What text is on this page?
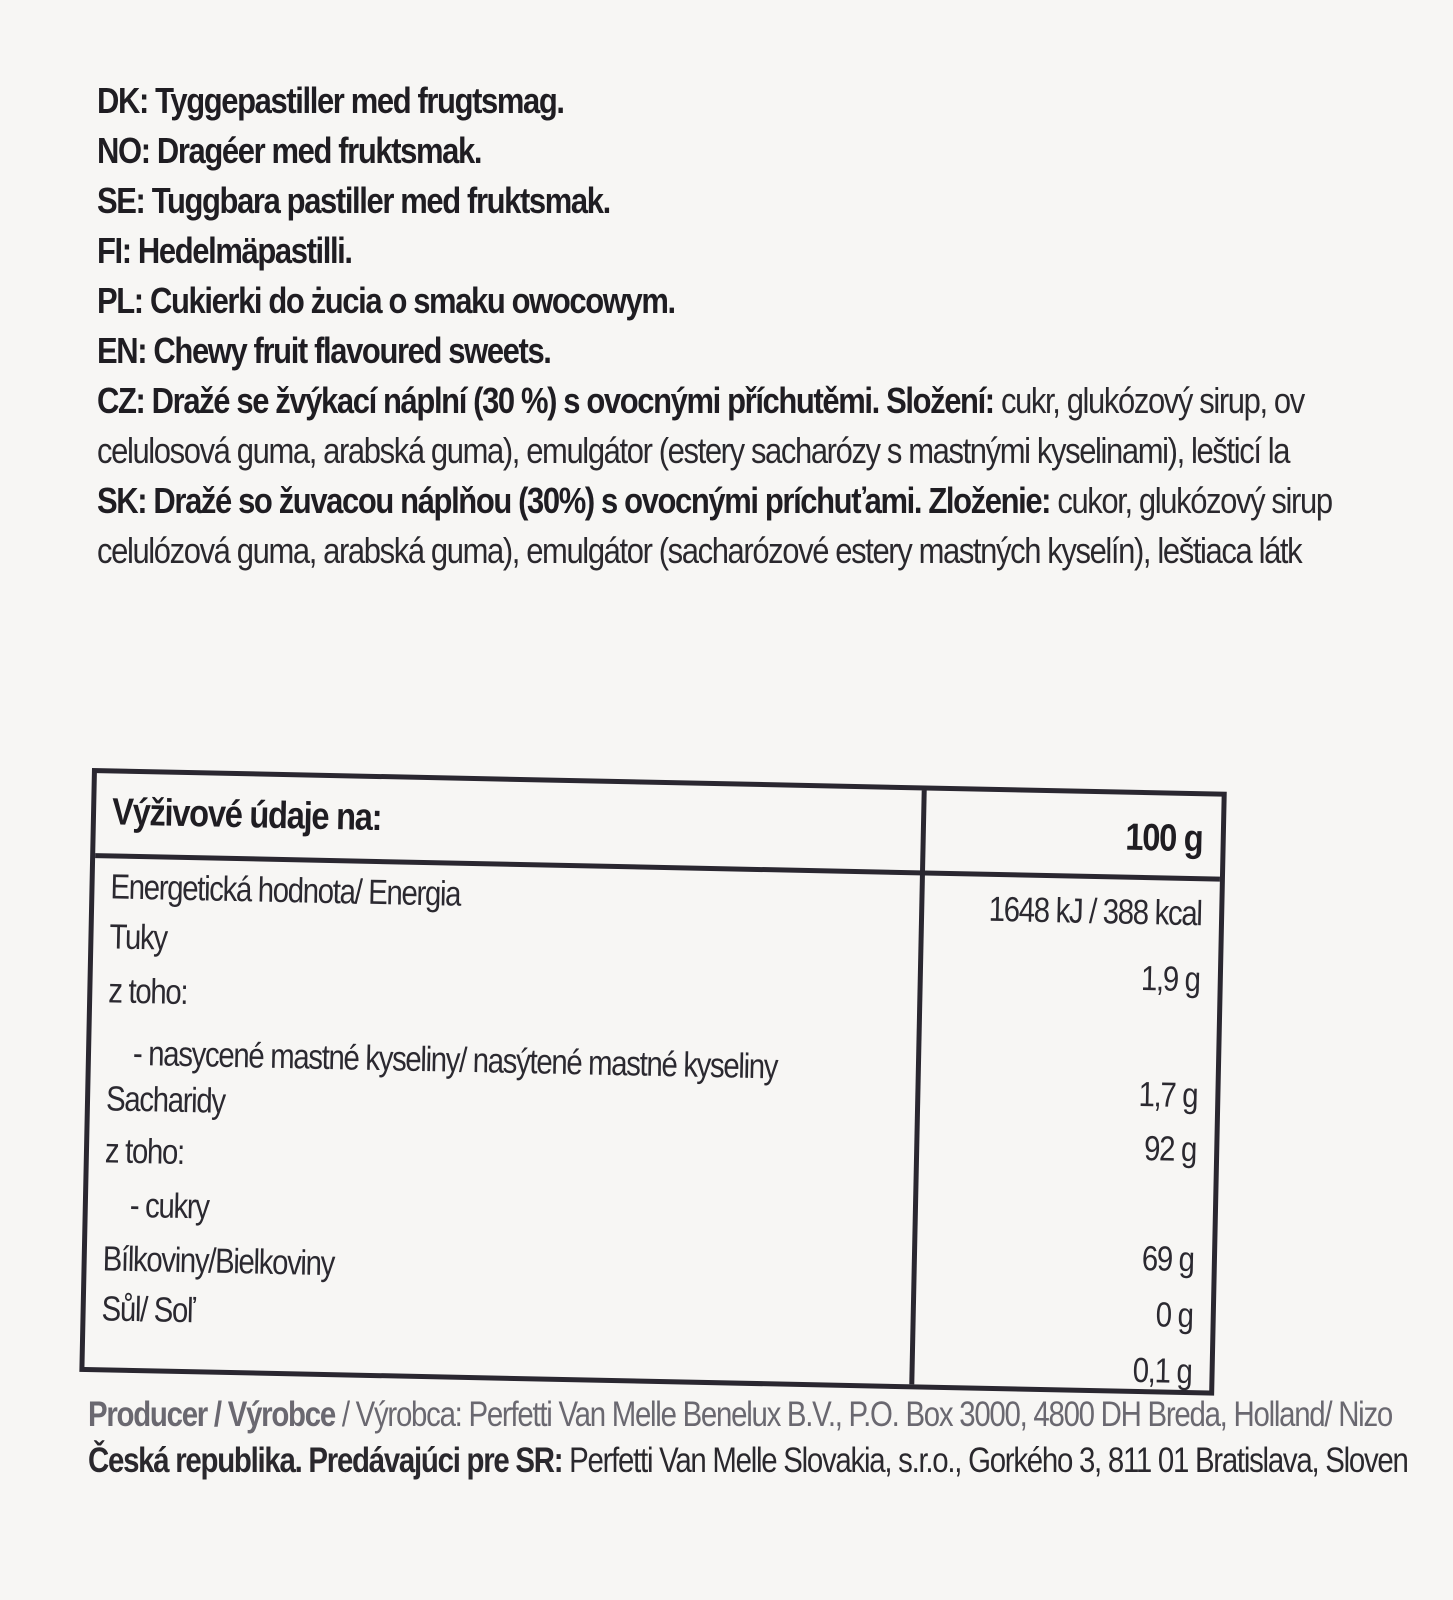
DK: Tyggepastiller med frugtsmag.
NO: Dragéer med fruktsmak.
SE: Tuggbara pastiller med fruktsmak.
FI: Hedelmäpastilli.
PL: Cukierki do żucia o smaku owocowym.
EN: Chewy fruit flavoured sweets.
CZ: Dražé se žvýkací náplní (30 %) s ovocnými příchutěmi. Složení: cukr, glukózový sirup, ov
celulosová guma, arabská guma), emulgátor (estery sacharózy s mastnými kyselinami), lešticí la
SK: Dražé so žuvacou náplňou (30%) s ovocnými príchuťami. Zloženie: cukor, glukózový sirup
celulózová guma, arabská guma), emulgátor (sacharózové estery mastných kyselín), leštiaca látk
Výživové údaje na:	100 g
Energetická hodnota/ Energia
Tuky
z toho:
- nasycené mastné kyseliny/ nasýtené mastné kyseliny
Sacharidy
z toho:
- cukry
Bílkoviny/Bielkoviny
Sůl/ Soľ
1648 kJ / 388 kcal
1,9 g
1,7 g
92 g
69 g
0 g
0,1 g
Producer / Výrobce / Výrobca: Perfetti Van Melle Benelux B.V., P.O. Box 3000, 4800 DH Breda, Holland/ Nizo
Česká republika. Predávajúci pre SR: Perfetti Van Melle Slovakia, s.r.o., Gorkého 3, 811 01 Bratislava, Sloven
